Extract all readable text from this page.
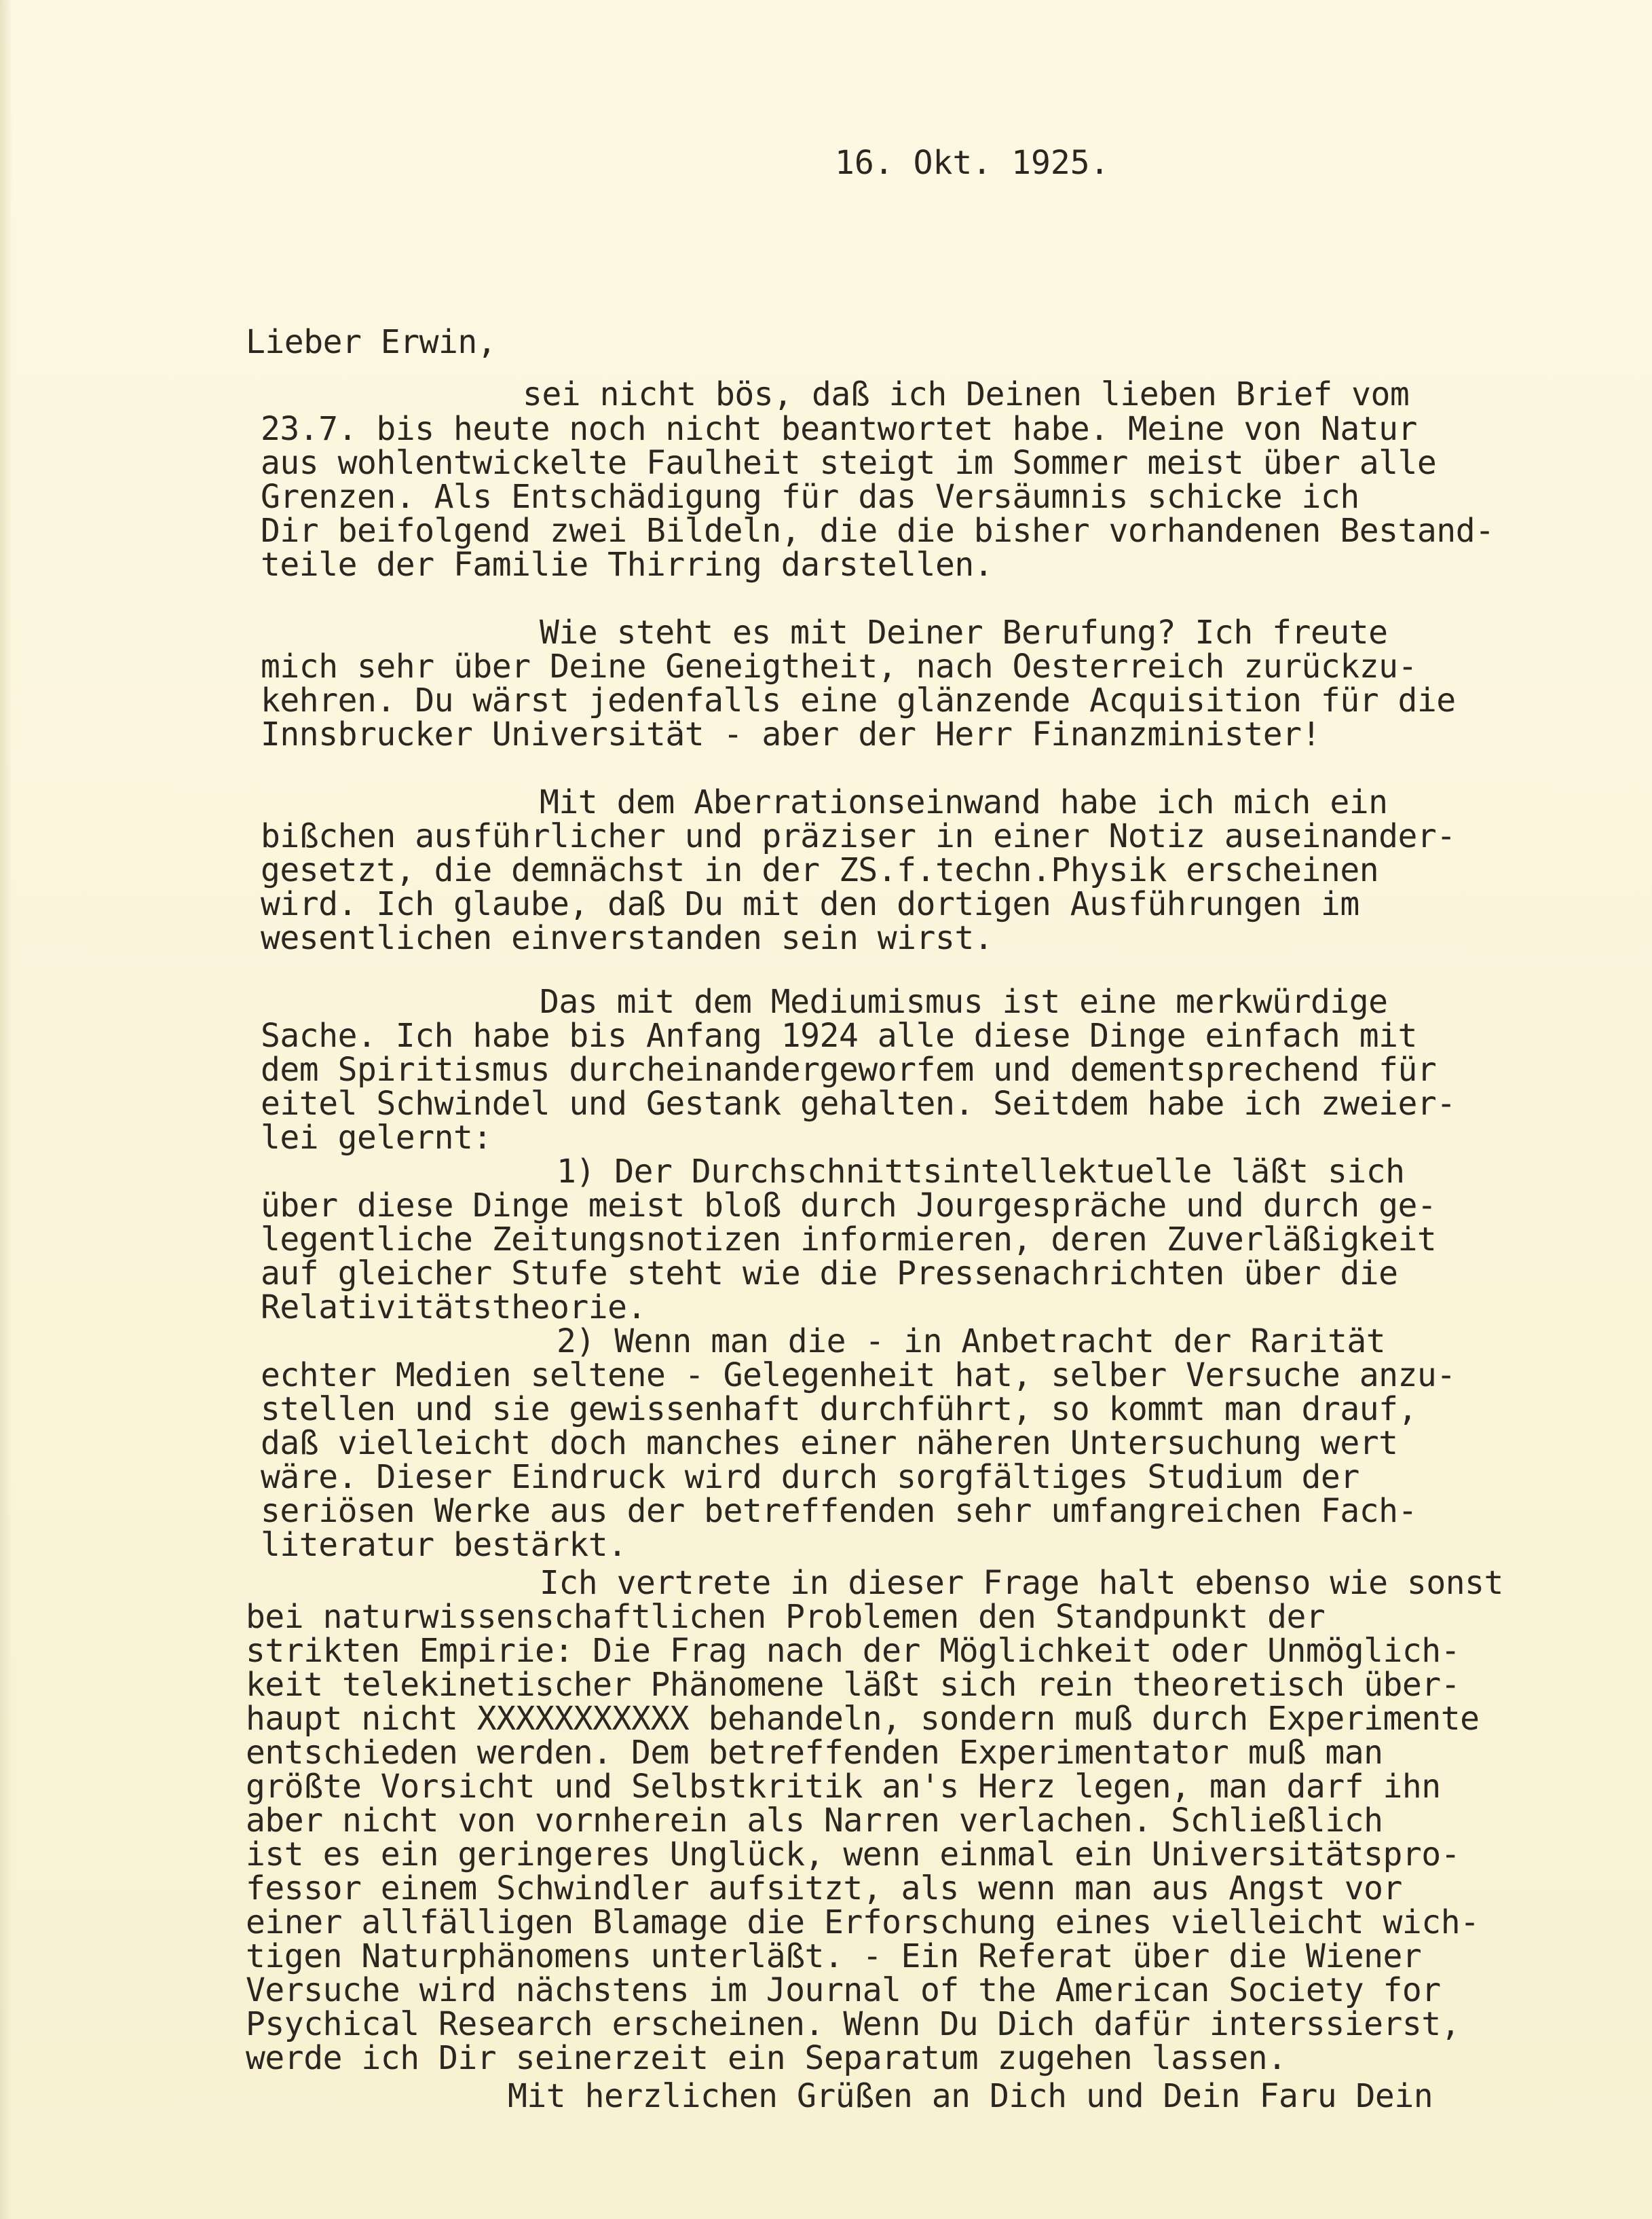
16. Okt. 1925.
Lieber Erwin,
sei nicht bös, daß ich Deinen lieben Brief vom
23.7. bis heute noch nicht beantwortet habe. Meine von Natur
aus wohlentwickelte Faulheit steigt im Sommer meist über alle
Grenzen. Als Entschädigung für das Versäumnis schicke ich
Dir beifolgend zwei Bildeln, die die bisher vorhandenen Bestand-
teile der Familie Thirring darstellen.
Wie steht es mit Deiner Berufung? Ich freute
mich sehr über Deine Geneigtheit, nach Oesterreich zurückzu-
kehren. Du wärst jedenfalls eine glänzende Acquisition für die
Innsbrucker Universität - aber der Herr Finanzminister!
Mit dem Aberrationseinwand habe ich mich ein
bißchen ausführlicher und präziser in einer Notiz auseinander-
gesetzt, die demnächst in der ZS.f.techn.Physik erscheinen
wird. Ich glaube, daß Du mit den dortigen Ausführungen im
wesentlichen einverstanden sein wirst.
Das mit dem Mediumismus ist eine merkwürdige
Sache. Ich habe bis Anfang 1924 alle diese Dinge einfach mit
dem Spiritismus durcheinandergeworfem und dementsprechend für
eitel Schwindel und Gestank gehalten. Seitdem habe ich zweier-
lei gelernt:
1) Der Durchschnittsintellektuelle läßt sich
über diese Dinge meist bloß durch Jourgespräche und durch ge-
legentliche Zeitungsnotizen informieren, deren Zuverläßigkeit
auf gleicher Stufe steht wie die Pressenachrichten über die
Relativitätstheorie.
2) Wenn man die - in Anbetracht der Rarität
echter Medien seltene - Gelegenheit hat, selber Versuche anzu-
stellen und sie gewissenhaft durchführt, so kommt man drauf,
daß vielleicht doch manches einer näheren Untersuchung wert
wäre. Dieser Eindruck wird durch sorgfältiges Studium der
seriösen Werke aus der betreffenden sehr umfangreichen Fach-
literatur bestärkt.
Ich vertrete in dieser Frage halt ebenso wie sonst
bei naturwissenschaftlichen Problemen den Standpunkt der
strikten Empirie: Die Frag nach der Möglichkeit oder Unmöglich-
keit telekinetischer Phänomene läßt sich rein theoretisch über-
haupt nicht XXXXXXXXXXX behandeln, sondern muß durch Experimente
entschieden werden. Dem betreffenden Experimentator muß man
größte Vorsicht und Selbstkritik an's Herz legen, man darf ihn
aber nicht von vornherein als Narren verlachen. Schließlich
ist es ein geringeres Unglück, wenn einmal ein Universitätspro-
fessor einem Schwindler aufsitzt, als wenn man aus Angst vor
einer allfälligen Blamage die Erforschung eines vielleicht wich-
tigen Naturphänomens unterläßt. - Ein Referat über die Wiener
Versuche wird nächstens im Journal of the American Society for
Psychical Research erscheinen. Wenn Du Dich dafür interssierst,
werde ich Dir seinerzeit ein Separatum zugehen lassen.
Mit herzlichen Grüßen an Dich und Dein Faru Dein
